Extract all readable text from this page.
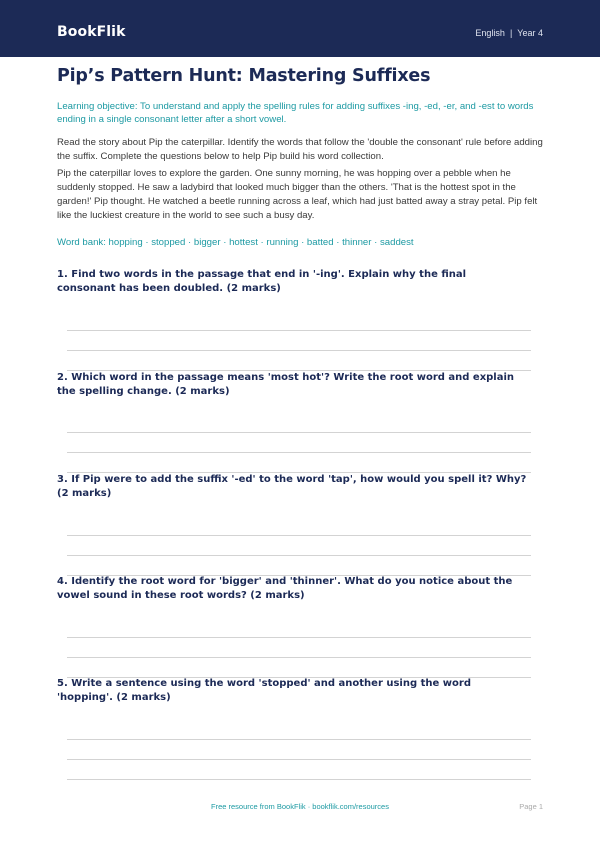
BookFlik	English | Year 4
Pip’s Pattern Hunt: Mastering Suffixes
Learning objective: To understand and apply the spelling rules for adding suffixes -ing, -ed, -er, and -est to words ending in a single consonant letter after a short vowel.
Read the story about Pip the caterpillar. Identify the words that follow the 'double the consonant' rule before adding the suffix. Complete the questions below to help Pip build his word collection.
Pip the caterpillar loves to explore the garden. One sunny morning, he was hopping over a pebble when he suddenly stopped. He saw a ladybird that looked much bigger than the others. 'That is the hottest spot in the garden!' Pip thought. He watched a beetle running across a leaf, which had just batted away a stray petal. Pip felt like the luckiest creature in the world to see such a busy day.
Word bank: hopping · stopped · bigger · hottest · running · batted · thinner · saddest
1. Find two words in the passage that end in '-ing'. Explain why the final consonant has been doubled. (2 marks)
2. Which word in the passage means 'most hot'? Write the root word and explain the spelling change. (2 marks)
3. If Pip were to add the suffix '-ed' to the word 'tap', how would you spell it? Why? (2 marks)
4. Identify the root word for 'bigger' and 'thinner'. What do you notice about the vowel sound in these root words? (2 marks)
5. Write a sentence using the word 'stopped' and another using the word 'hopping'. (2 marks)
Free resource from BookFlik · bookflik.com/resources	Page 1
